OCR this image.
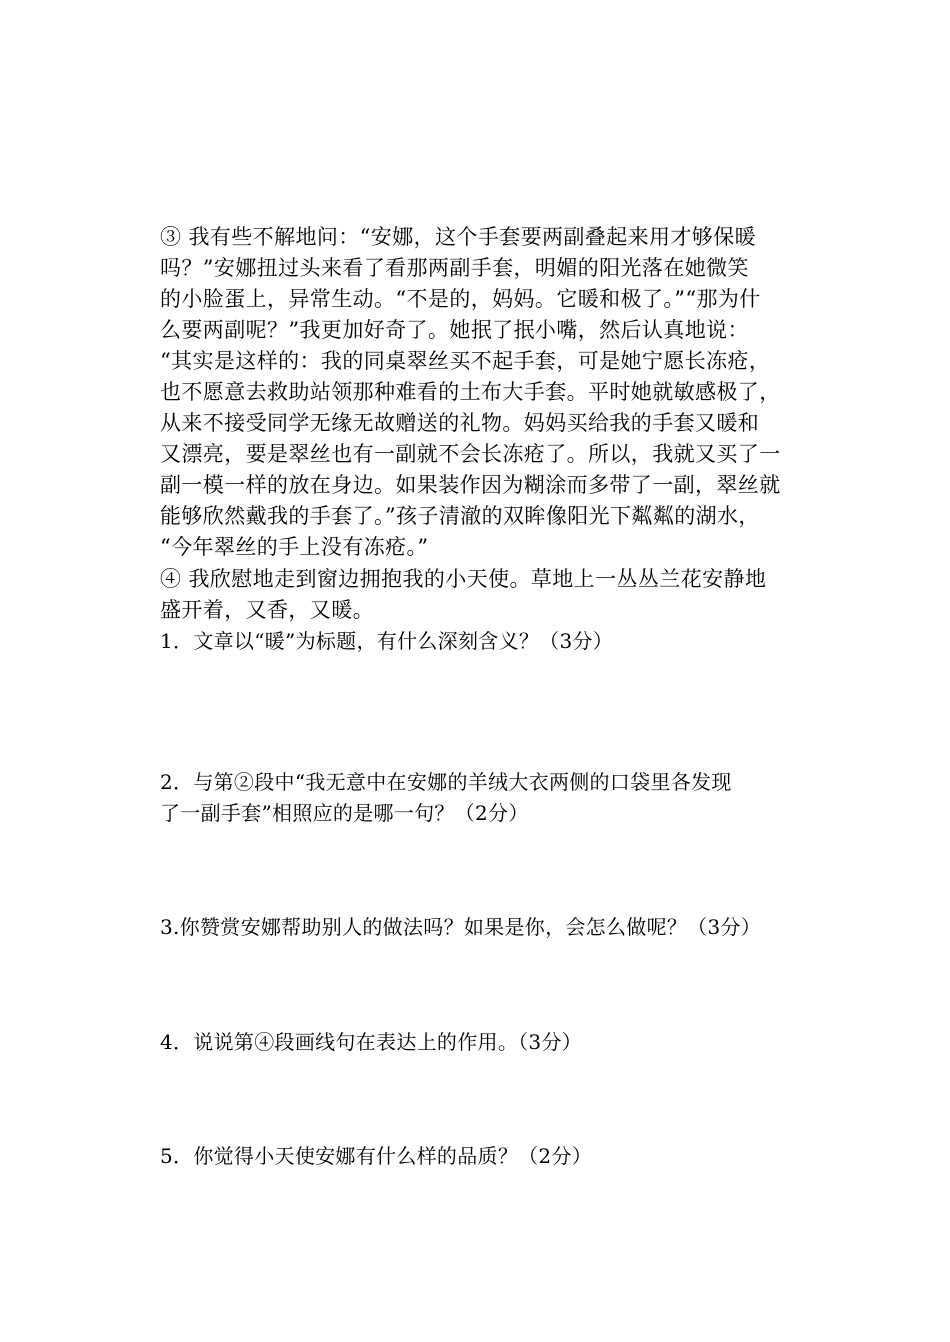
③ 我有些不解地问：“安娜，这个手套要两副叠起来用才够保暖
吗？”安娜扭过头来看了看那两副手套，明媚的阳光落在她微笑
的小脸蛋上，异常生动。“不是的，妈妈。它暖和极了。”“那为什
么要两副呢？”我更加好奇了。她抿了抿小嘴，然后认真地说：
“其实是这样的：我的同桌翠丝买不起手套，可是她宁愿长冻疮，
也不愿意去救助站领那种难看的土布大手套。平时她就敏感极了，
从来不接受同学无缘无故赠送的礼物。妈妈买给我的手套又暖和
又漂亮，要是翠丝也有一副就不会长冻疮了。所以，我就又买了一
副一模一样的放在身边。如果装作因为糊涂而多带了一副，翠丝就
能够欣然戴我的手套了。”孩子清澈的双眸像阳光下粼粼的湖水，
“今年翠丝的手上没有冻疮。”
④ 我欣慰地走到窗边拥抱我的小天使。草地上一丛丛兰花安静地
盛开着，又香，又暖。
1．文章以“暖”为标题，有什么深刻含义？（3分）
2．与第②段中“我无意中在安娜的羊绒大衣两侧的口袋里各发现
了一副手套”相照应的是哪一句？（2分）
3.你赞赏安娜帮助别人的做法吗？如果是你，会怎么做呢？（3分）
4．说说第④段画线句在表达上的作用。（3分）
5．你觉得小天使安娜有什么样的品质？（2分）
